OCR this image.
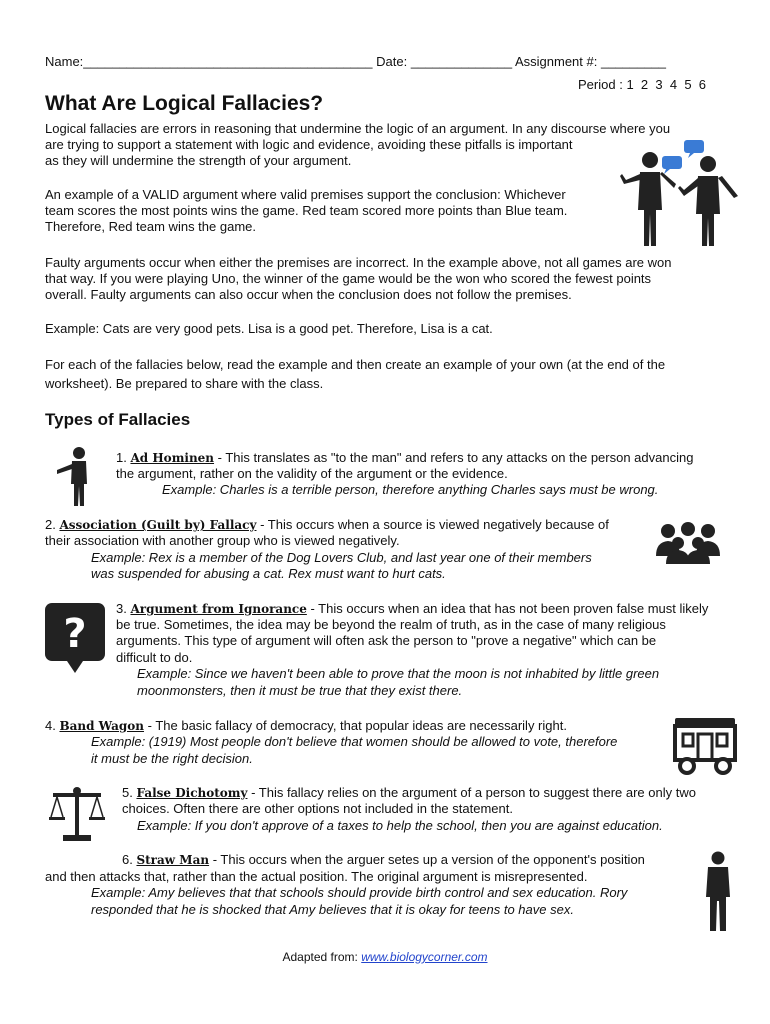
Name:________________________________________ Date: ______________ Assignment #: _________
Period : 1 2 3 4 5 6
What Are Logical Fallacies?
Logical fallacies are errors in reasoning that undermine the logic of an argument. In any discourse where you
are trying to support a statement with logic and evidence, avoiding these pitfalls is important
as they will undermine the strength of your argument.
An example of a VALID argument where valid premises support the conclusion: Whichever
team scores the most points wins the game. Red team scored more points than Blue team.
Therefore, Red team wins the game.
Faulty arguments occur when either the premises are incorrect. In the example above, not all games are won
that way. If you were playing Uno, the winner of the game would be the won who scored the fewest points
overall. Faulty arguments can also occur when the conclusion does not follow the premises.
Example: Cats are very good pets. Lisa is a good pet. Therefore, Lisa is a cat.
For each of the fallacies below, read the example and then create an example of your own (at the end of the
worksheet). Be prepared to share with the class.
Types of Fallacies
1. Ad Hominen - This translates as "to the man" and refers to any attacks on the person advancing
the argument, rather on the validity of the argument or the evidence.
Example: Charles is a terrible person, therefore anything Charles says must be wrong.
2. Association (Guilt by) Fallacy - This occurs when a source is viewed negatively because of
their association with another group who is viewed negatively.
Example: Rex is a member of the Dog Lovers Club, and last year one of their members
was suspended for abusing a cat. Rex must want to hurt cats.
?
3. Argument from Ignorance - This occurs when an idea that has not been proven false must likely
be true. Sometimes, the idea may be beyond the realm of truth, as in the case of many religious
arguments. This type of argument will often ask the person to "prove a negative" which can be
difficult to do.
Example: Since we haven't been able to prove that the moon is not inhabited by little green
moonmonsters, then it must be true that they exist there.
4. Band Wagon - The basic fallacy of democracy, that popular ideas are necessarily right.
Example: (1919) Most people don't believe that women should be allowed to vote, therefore
it must be the right decision.
5. False Dichotomy - This fallacy relies on the argument of a person to suggest there are only two
choices. Often there are other options not included in the statement.
Example: If you don't approve of a taxes to help the school, then you are against education.
6. Straw Man - This occurs when the arguer setes up a version of the opponent's position
and then attacks that, rather than the actual position. The original argument is misrepresented.
Example: Amy believes that that schools should provide birth control and sex education. Rory
responded that he is shocked that Amy believes that it is okay for teens to have sex.
Adapted from: www.biologycorner.com
